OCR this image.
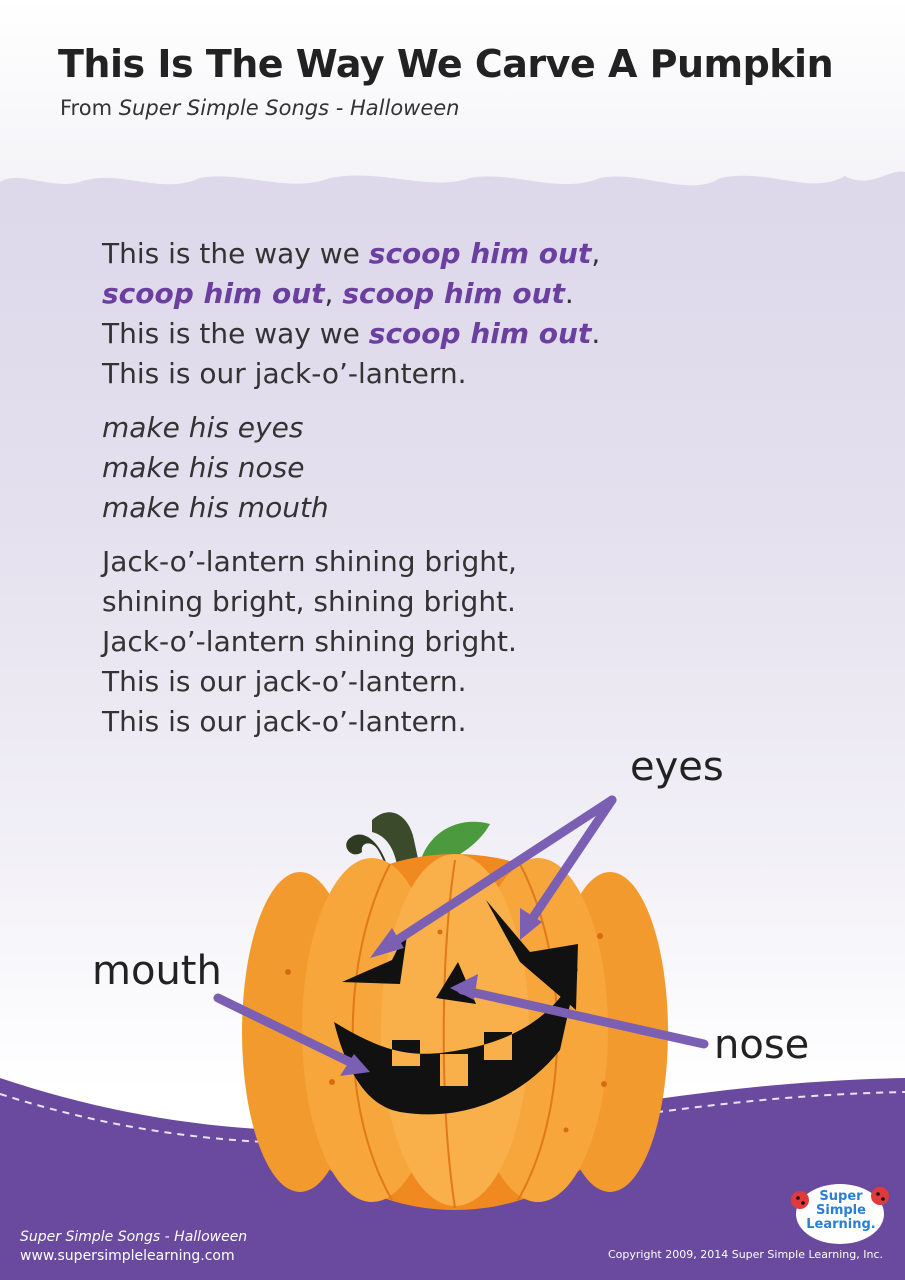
This Is The Way We Carve A Pumpkin

From Super Simple Songs - Halloween

This is the way we scoop him out,
scoop him out, scoop him out.
This is the way we scoop him out.
This is our jack-o’-lantern.
make his eyes
make his nose
make his mouth
Jack-o’-lantern shining bright,
shining bright, shining bright.
Jack-o’-lantern shining bright.
This is our jack-o’-lantern.
This is our jack-o’-lantern.
eyes
mouth
nose
Super Simple Songs - Halloween
www.supersimplelearning.com
Super
Simple
Learning.
Copyright 2009, 2014 Super Simple Learning, Inc.
